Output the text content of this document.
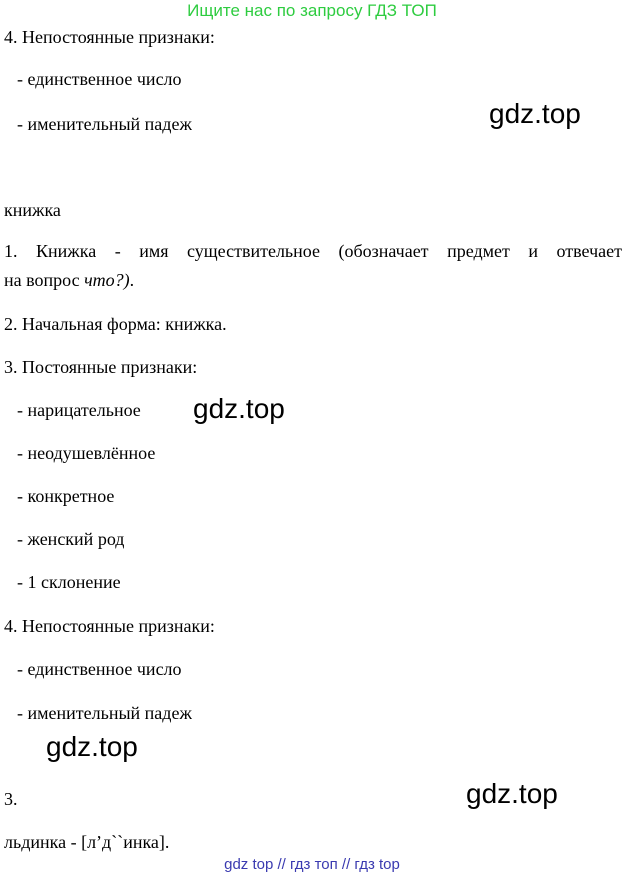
Ищите нас по запросу ГДЗ ТОП
4. Непостоянные признаки:
- единственное число
- именительный падеж	gdz.top
книжка
1. Книжка - имя существительное (обозначает предмет и отвечает
на вопрос что?).
2. Начальная форма: книжка.
3. Постоянные признаки:
- нарицательное gdz.top
- неодушевлённое
- конкретное
- женский род
- 1 склонение
4. Непостоянные признаки:
- единственное число
- именительный падеж
gdz.top
3.	gdz.top
льдинка - [л’д``инка].
gdz top // гдз топ // гдз top
